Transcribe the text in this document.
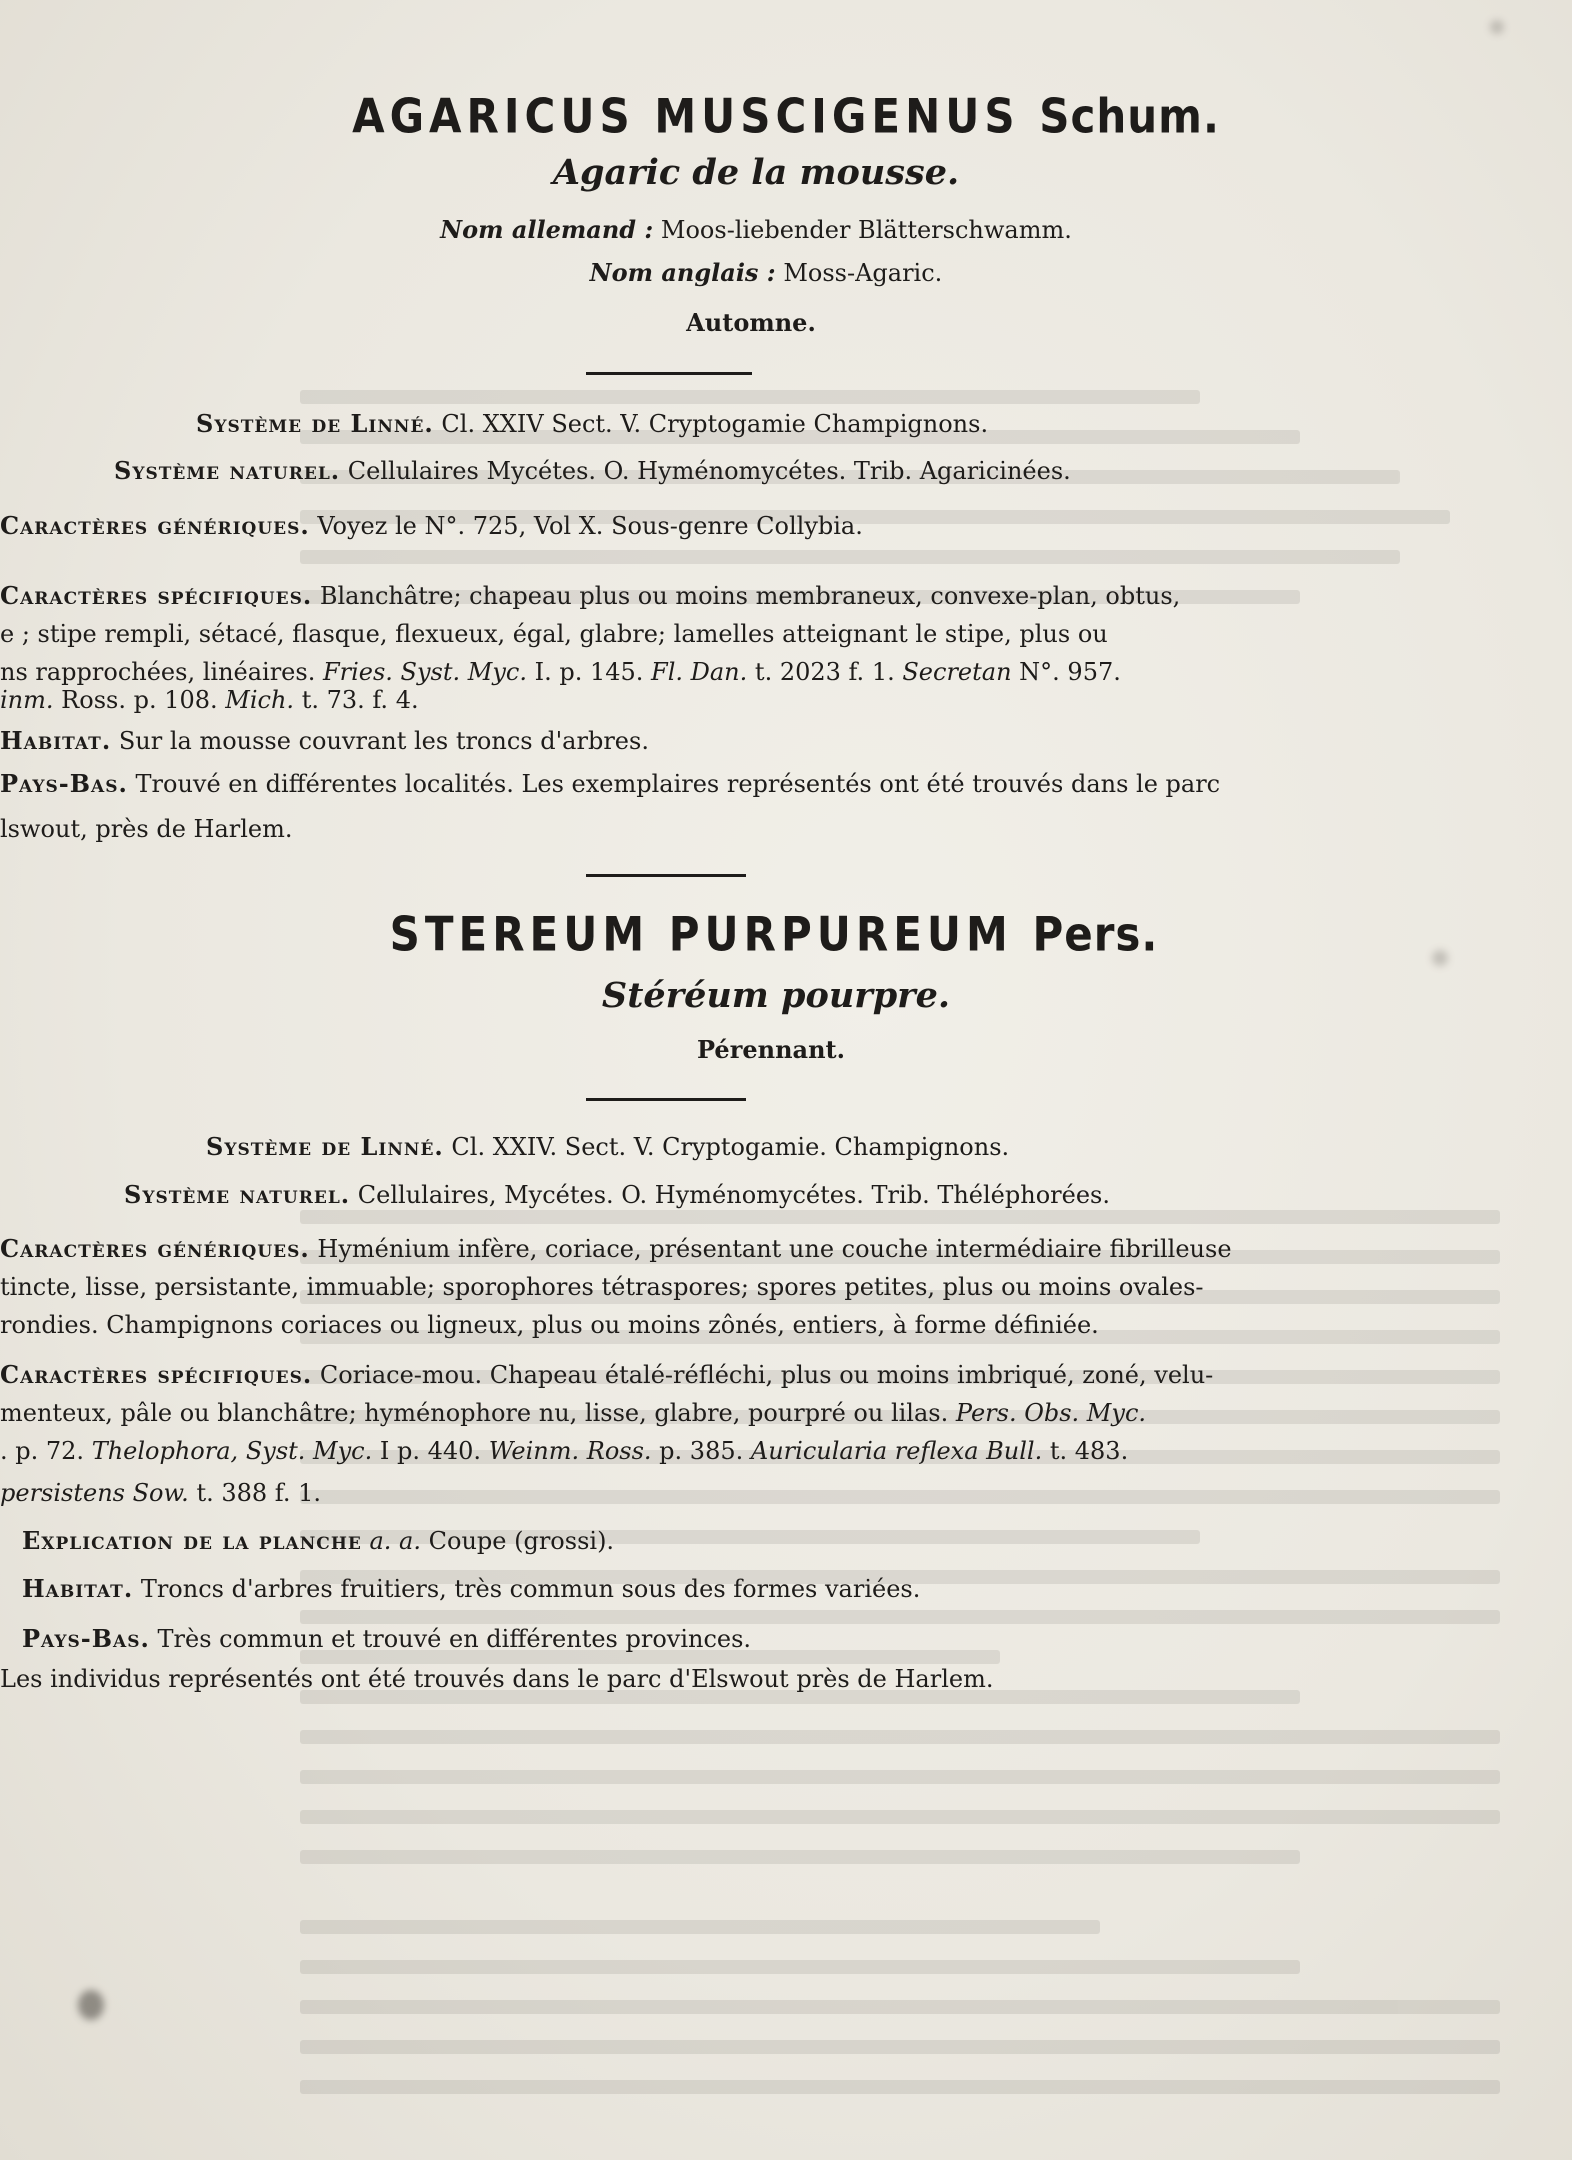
AGARICUS MUSCIGENUS Schum.
Agaric de la mousse.
Nom allemand : Moos-liebender Blätterschwamm.
Nom anglais : Moss-Agaric.
Automne.
Système de Linné. Cl. XXIV Sect. V. Cryptogamie Champignons.
Système naturel. Cellulaires Mycétes. O. Hyménomycétes. Trib. Agaricinées.
Caractères génériques. Voyez le N°. 725, Vol X. Sous-genre Collybia.
Caractères spécifiques. Blanchâtre; chapeau plus ou moins membraneux, convexe-plan, obtus,
e ; stipe rempli, sétacé, flasque, flexueux, égal, glabre; lamelles atteignant le stipe, plus ou
ns rapprochées, linéaires. Fries. Syst. Myc. I. p. 145. Fl. Dan. t. 2023 f. 1. Secretan N°. 957.
inm. Ross. p. 108. Mich. t. 73. f. 4.
Habitat. Sur la mousse couvrant les troncs d'arbres.
Pays-Bas. Trouvé en différentes localités. Les exemplaires représentés ont été trouvés dans le parc
lswout, près de Harlem.
STEREUM PURPUREUM Pers.
Stéréum pourpre.
Pérennant.
Système de Linné. Cl. XXIV. Sect. V. Cryptogamie. Champignons.
Système naturel. Cellulaires, Mycétes. O. Hyménomycétes. Trib. Théléphorées.
Caractères génériques. Hyménium infère, coriace, présentant une couche intermédiaire fibrilleuse
tincte, lisse, persistante, immuable; sporophores tétraspores; spores petites, plus ou moins ovales-
rondies. Champignons coriaces ou ligneux, plus ou moins zônés, entiers, à forme définiée.
Caractères spécifiques. Coriace-mou. Chapeau étalé-réfléchi, plus ou moins imbriqué, zoné, velu-
menteux, pâle ou blanchâtre; hyménophore nu, lisse, glabre, pourpré ou lilas. Pers. Obs. Myc.
. p. 72. Thelophora, Syst. Myc. I p. 440. Weinm. Ross. p. 385. Auricularia reflexa Bull. t. 483.
persistens Sow. t. 388 f. 1.
Explication de la planche a. a. Coupe (grossi).
Habitat. Troncs d'arbres fruitiers, très commun sous des formes variées.
Pays-Bas. Très commun et trouvé en différentes provinces.
Les individus représentés ont été trouvés dans le parc d'Elswout près de Harlem.
